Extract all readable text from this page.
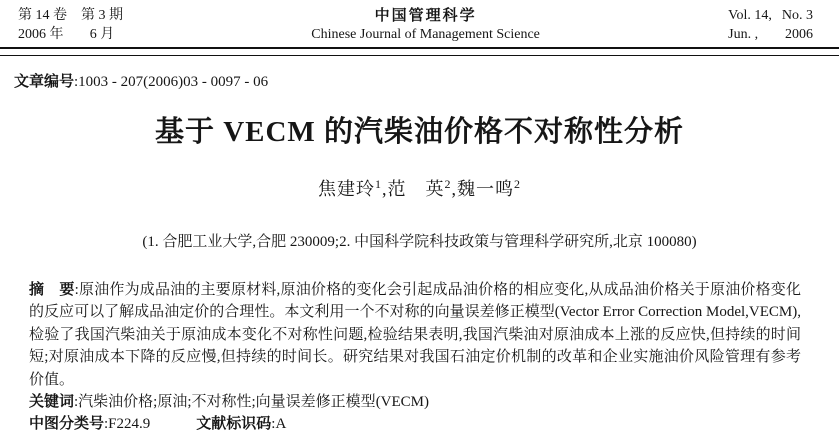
第 14 卷 第 3 期
2006 年	6 月
中国管理科学
Chinese Journal of Management Science
Vol. 14, No. 3
Jun. ,	2006
文章编号:1003 - 207(2006)03 - 0097 - 06
基于 VECM 的汽柴油价格不对称性分析
焦建玲$^1$,范　英$^2$,魏一鸣$^2$
(1. 合肥工业大学,合肥 230009;2. 中国科学院科技政策与管理科学研究所,北京 100080)

摘　要:原油作为成品油的主要原材料,原油价格的变化会引起成品油价格的相应变化,从成品油价格关于原油价格变化的反应可以了解成品油定价的合理性。本文利用一个不对称的向量误差修正模型(Vector Error Correction Model,VECM),检验了我国汽柴油关于原油成本变化不对称性问题,检验结果表明,我国汽柴油对原油成本上涨的反应快,但持续的时间短;对原油成本下降的反应慢,但持续的时间长。研究结果对我国石油定价机制的改革和企业实施油价风险管理有参考价值。

关键词:汽柴油价格;原油;不对称性;向量误差修正模型(VECM)

中图分类号:F224.9	文献标识码:A
